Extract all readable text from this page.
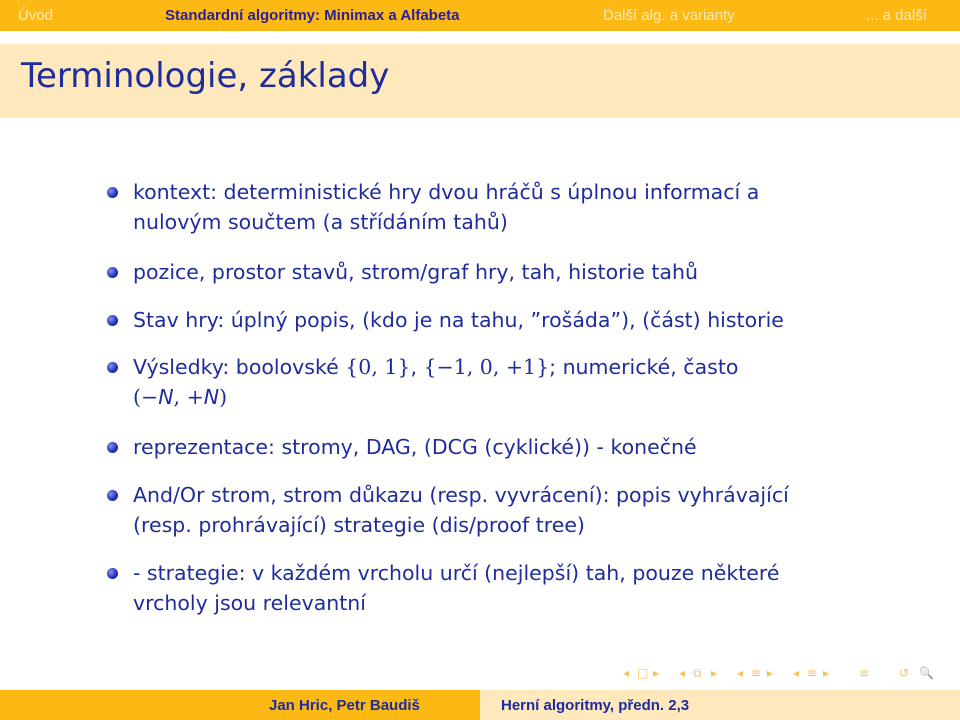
Úvod	Standardní algoritmy: Minimax a Alfabeta	Další alg. a varianty	... a další
Terminologie, základy
kontext: deterministické hry dvou hráčů s úplnou informací a
nulovým součtem (a střídáním tahů)
pozice, prostor stavů, strom/graf hry, tah, historie tahů
Stav hry: úplný popis, (kdo je na tahu, ”rošáda”), (část) historie
Výsledky: boolovské {0, 1}, {−1, 0, +1}; numerické, často
(−N, +N)
reprezentace: stromy, DAG, (DCG (cyklické)) - konečné
And/Or strom, strom důkazu (resp. vyvrácení): popis vyhrávající
(resp. prohrávající) strategie (dis/proof tree)
- strategie: v každém vrcholu určí (nejlepší) tah, pouze některé
vrcholy jsou relevantní
◂ □ ▸ ◂ ⧉ ▸ ◂ ≡ ▸ ◂ ≡ ▸ ≡ ↺ 🔍
Jan Hric, Petr Baudiš	Herní algoritmy, předn. 2,3
